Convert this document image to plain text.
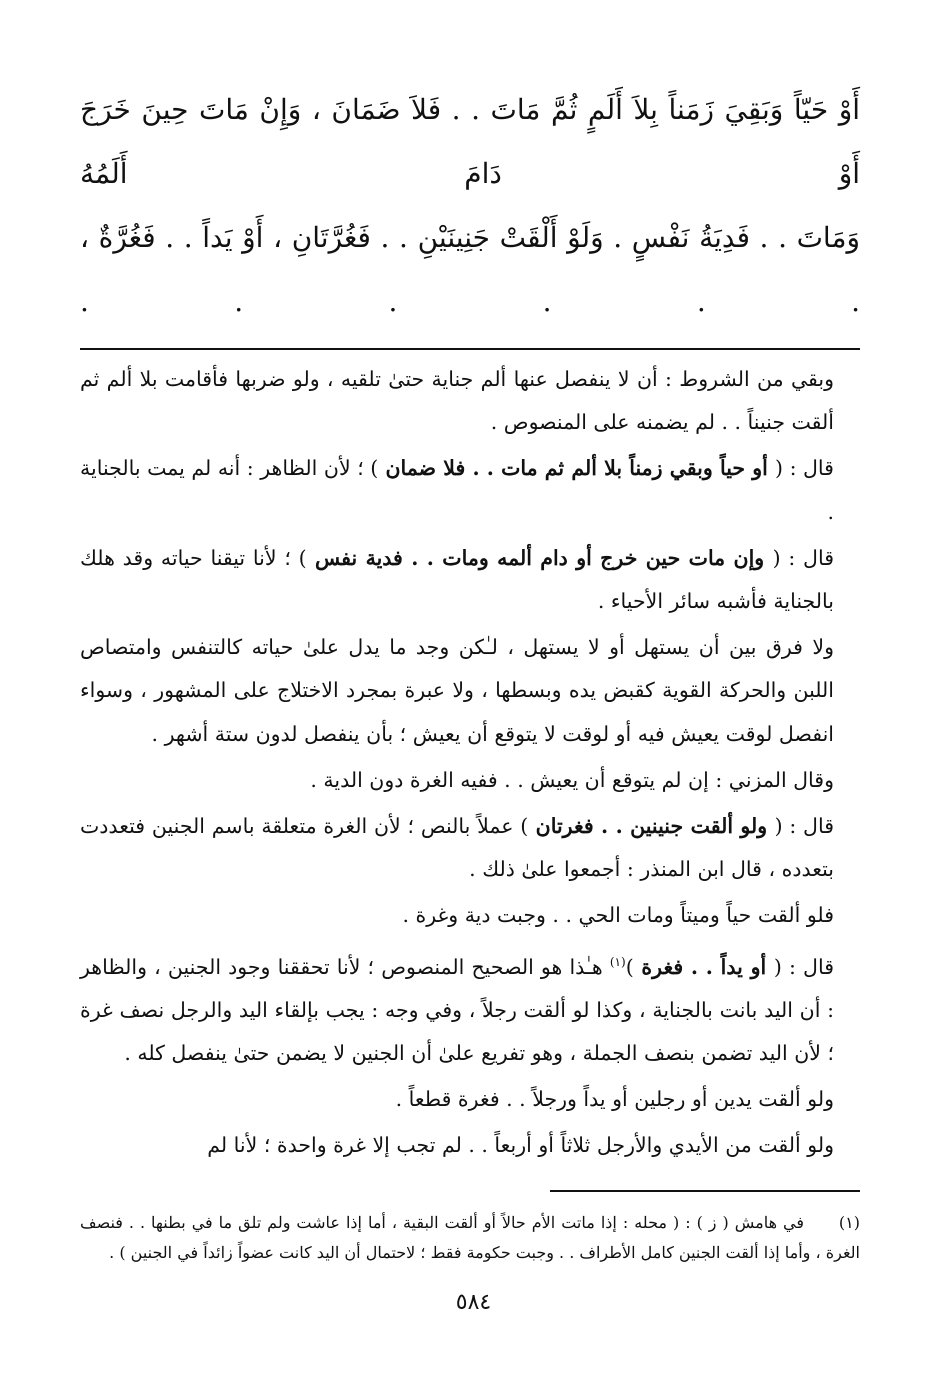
أَوْ حَيّاً وَبَقِيَ زَمَناً بِلاَ أَلَمٍ ثُمَّ مَاتَ . . فَلاَ ضَمَانَ ، وَإِنْ مَاتَ حِينَ خَرَجَ أَوْ دَامَ أَلَمُهُ

وَمَاتَ . . فَدِيَةُ نَفْسٍ . وَلَوْ أَلْقَتْ جَنِينَيْنِ . . فَغُرَّتَانِ ، أَوْ يَداً . . فَغُرَّةٌ ، . . . . . .

وبقي من الشروط : أن لا ينفصل عنها ألم جناية حتىٰ تلقيه ، ولو ضربها فأقامت بلا ألم ثم ألقت جنيناً . . لم يضمنه على المنصوص .

قال : ( أو حياً وبقي زمناً بلا ألم ثم مات . . فلا ضمان ) ؛ لأن الظاهر : أنه لم يمت بالجناية .

قال : ( وإن مات حين خرج أو دام ألمه ومات . . فدية نفس ) ؛ لأنا تيقنا حياته وقد هلك بالجناية فأشبه سائر الأحياء .

ولا فرق بين أن يستهل أو لا يستهل ، لـٰكن وجد ما يدل علىٰ حياته كالتنفس وامتصاص اللبن والحركة القوية كقبض يده وبسطها ، ولا عبرة بمجرد الاختلاج على المشهور ، وسواء انفصل لوقت يعيش فيه أو لوقت لا يتوقع أن يعيش ؛ بأن ينفصل لدون ستة أشهر .

وقال المزني : إن لم يتوقع أن يعيش . . ففيه الغرة دون الدية .

قال : ( ولو ألقت جنينين . . فغرتان ) عملاً بالنص ؛ لأن الغرة متعلقة باسم الجنين فتعددت بتعدده ، قال ابن المنذر : أجمعوا علىٰ ذلك .

فلو ألقت حياً وميتاً ومات الحي . . وجبت دية وغرة .

قال : ( أو يداً . . فغرة )$^{(١)}$ هـٰذا هو الصحيح المنصوص ؛ لأنا تحققنا وجود الجنين ، والظاهر : أن اليد بانت بالجناية ، وكذا لو ألقت رجلاً ، وفي وجه : يجب بإلقاء اليد والرجل نصف غرة ؛ لأن اليد تضمن بنصف الجملة ، وهو تفريع علىٰ أن الجنين لا يضمن حتىٰ ينفصل كله .

ولو ألقت يدين أو رجلين أو يداً ورجلاً . . فغرة قطعاً .

ولو ألقت من الأيدي والأرجل ثلاثاً أو أربعاً . . لم تجب إلا غرة واحدة ؛ لأنا لم

(١)في هامش ( ز ) : ( محله : إذا ماتت الأم حالاً أو ألقت البقية ، أما إذا عاشت ولم تلق ما في بطنها . . فنصف الغرة ، وأما إذا ألقت الجنين كامل الأطراف . . وجبت حكومة فقط ؛ لاحتمال أن اليد كانت عضواً زائداً في الجنين ) .

٥٨٤
